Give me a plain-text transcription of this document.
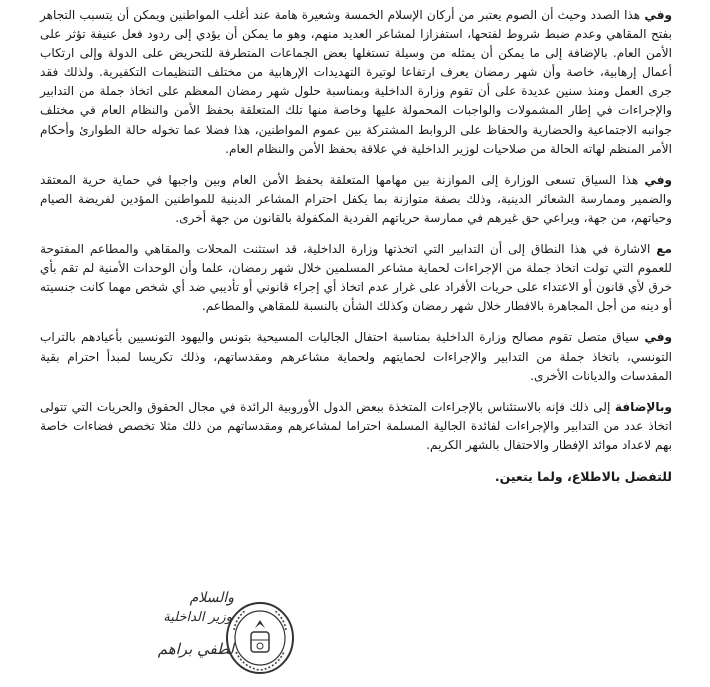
وفي هذا الصدد وحيث أن الصوم يعتبر من أركان الإسلام الخمسة وشعيرة هامة عند أغلب المواطنين ويمكن أن يتسبب التجاهر بفتح المقاهي وعدم ضبط شروط لفتحها، استفزازا لمشاعر العديد منهم، وهو ما يمكن أن يؤدي إلى ردود فعل عنيفة تؤثر على الأمن العام. بالإضافة إلى ما يمكن أن يمثله من وسيلة تستغلها بعض الجماعات المتطرفة للتحريض على الدولة وإلى ارتكاب أعمال إرهابية، خاصة وأن شهر رمضان يعرف ارتفاعا لوتيرة التهديدات الإرهابية من مختلف التنظيمات التكفيرية. ولذلك فقد جرى العمل ومنذ سنين عديدة على أن تقوم وزارة الداخلية وبمناسبة حلول شهر رمضان المعظم على اتخاذ جملة من التدابير والإجراءات في إطار المشمولات والواجبات المحمولة عليها وخاصة منها تلك المتعلقة بحفظ الأمن والنظام العام في مختلف جوانبه الاجتماعية والحضارية والحفاظ على الروابط المشتركة بين عموم المواطنين، هذا فضلا عما تخوله حالة الطوارئ وأحكام الأمر المنظم لهاته الحالة من صلاحيات لوزير الداخلية في علاقة بحفظ الأمن والنظام العام.

وفي هذا السياق تسعى الوزارة إلى الموازنة بين مهامها المتعلقة بحفظ الأمن العام وبين واجبها في حماية حرية المعتقد والضمير وممارسة الشعائر الدينية، وذلك بصفة متوازنة بما يكفل احترام المشاعر الدينية للمواطنين المؤدين لفريضة الصيام وحياتهم، من جهة، ويراعي حق غيرهم في ممارسة حرياتهم الفردية المكفولة بالقانون من جهة أخرى.

مع الاشارة في هذا النطاق إلى أن التدابير التي اتخذتها وزارة الداخلية، قد استثنت المحلات والمقاهي والمطاعم المفتوحة للعموم التي تولت اتخاذ جملة من الإجراءات لحماية مشاعر المسلمين خلال شهر رمضان، علما وأن الوحدات الأمنية لم تقم بأي خرق لأي قانون أو الاعتداء على حريات الأفراد على غرار عدم اتخاذ أي إجراء قانوني أو تأديبي ضد أي شخص مهما كانت جنسيته أو دينه من أجل المجاهرة بالافطار خلال شهر رمضان وكذلك الشأن بالنسبة للمقاهي والمطاعم.

وفي سياق متصل تقوم مصالح وزارة الداخلية بمناسبة احتفال الجاليات المسيحية بتونس واليهود التونسيين بأعيادهم بالتراب التونسي، باتخاذ جملة من التدابير والإجراءات لحمايتهم ولحماية مشاعرهم ومقدساتهم، وذلك تكريسا لمبدأ احترام بقية المقدسات والديانات الأخرى.

وبالإضافة إلى ذلك فإنه بالاستئناس بالإجراءات المتخذة ببعض الدول الأوروبية الرائدة في مجال الحقوق والحريات التي تتولى اتخاذ عدد من التدابير والإجراءات لفائدة الجالية المسلمة احتراما لمشاعرهم ومقدساتهم من ذلك مثلا تخصص فضاءات خاصة بهم لاعداد موائد الإفطار والاحتفال بالشهر الكريم.

للتفضل بالاطلاع، ولما يتعين.

والسلام
وزير الداخلية
لطفي براهم
